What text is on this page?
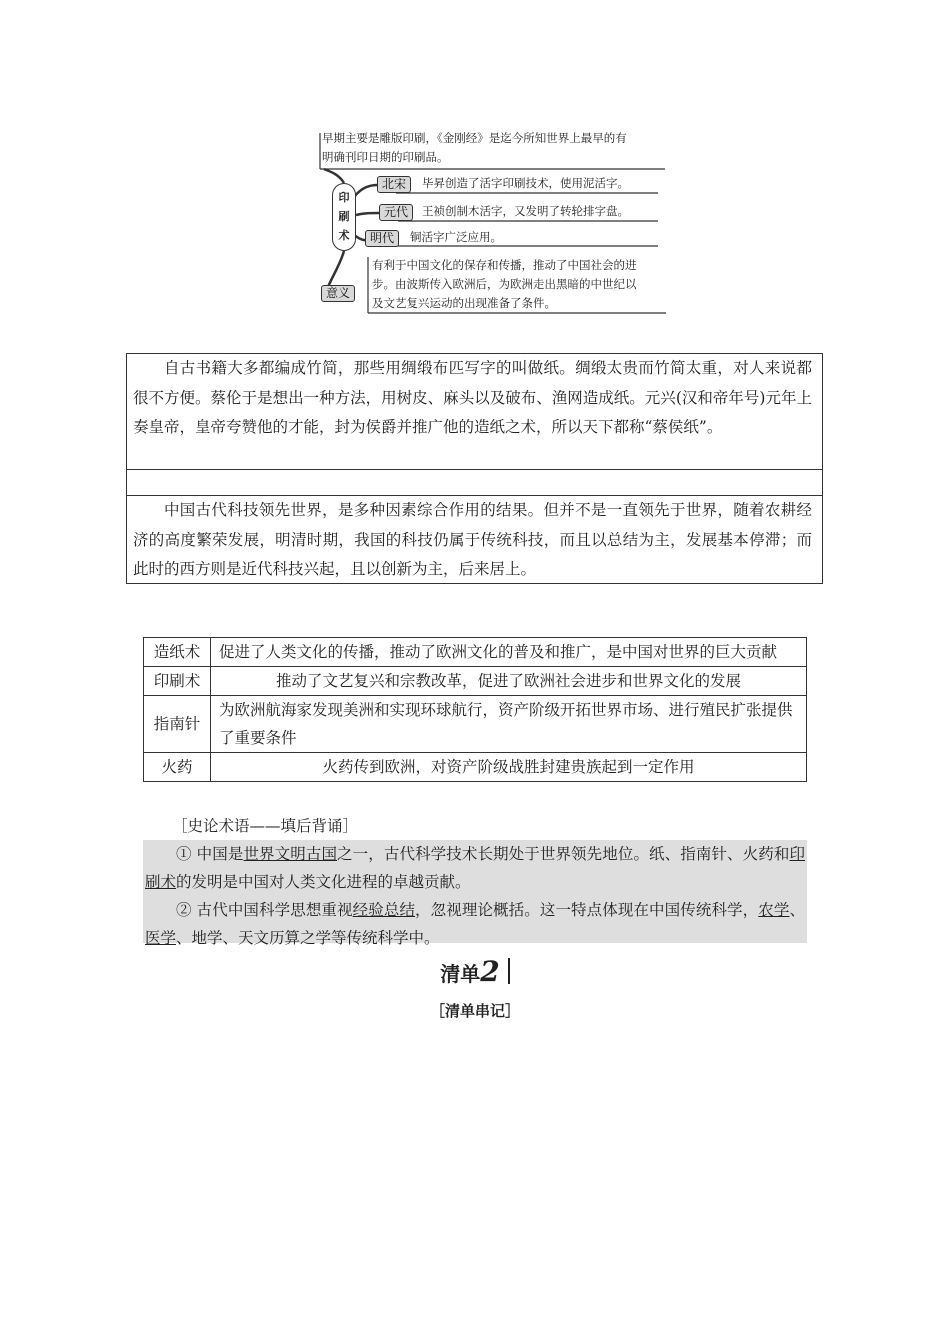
早期主要是雕版印刷，《金刚经》是迄今所知世界上最早的有
明确刊印日期的印刷品。
印
刷
术
北宋	毕昇创造了活字印刷技术，使用泥活字。
元代	王祯创制木活字，又发明了转轮排字盘。
明代	铜活字广泛应用。
有利于中国文化的保存和传播，推动了中国社会的进
步。由波斯传入欧洲后，为欧洲走出黑暗的中世纪以
及文艺复兴运动的出现准备了条件。
意义

自古书籍大多都编成竹简，那些用绸缎布匹写字的叫做纸。绸缎太贵而竹简太重，对人来说都很不方便。蔡伦于是想出一种方法，用树皮、麻头以及破布、渔网造成纸。元兴(汉和帝年号)元年上奏皇帝，皇帝夸赞他的才能，封为侯爵并推广他的造纸之术，所以天下都称“蔡侯纸”。

中国古代科技领先世界，是多种因素综合作用的结果。但并不是一直领先于世界，随着农耕经济的高度繁荣发展，明清时期，我国的科技仍属于传统科技，而且以总结为主，发展基本停滞；而此时的西方则是近代科技兴起，且以创新为主，后来居上。

造纸术	促进了人类文化的传播，推动了欧洲文化的普及和推广，是中国对世界的巨大贡献
印刷术	推动了文艺复兴和宗教改革，促进了欧洲社会进步和世界文化的发展
指南针	为欧洲航海家发现美洲和实现环球航行，资产阶级开拓世界市场、进行殖民扩张提供了重要条件
火药	火药传到欧洲，对资产阶级战胜封建贵族起到一定作用
［史论术语——填后背诵］

① 中国是世界文明古国之一，古代科学技术长期处于世界领先地位。纸、指南针、火药和印刷术的发明是中国对人类文化进程的卓越贡献。

② 古代中国科学思想重视经验总结，忽视理论概括。这一特点体现在中国传统科学，农学、医学、地学、天文历算之学等传统科学中。

清单2
［清单串记］
